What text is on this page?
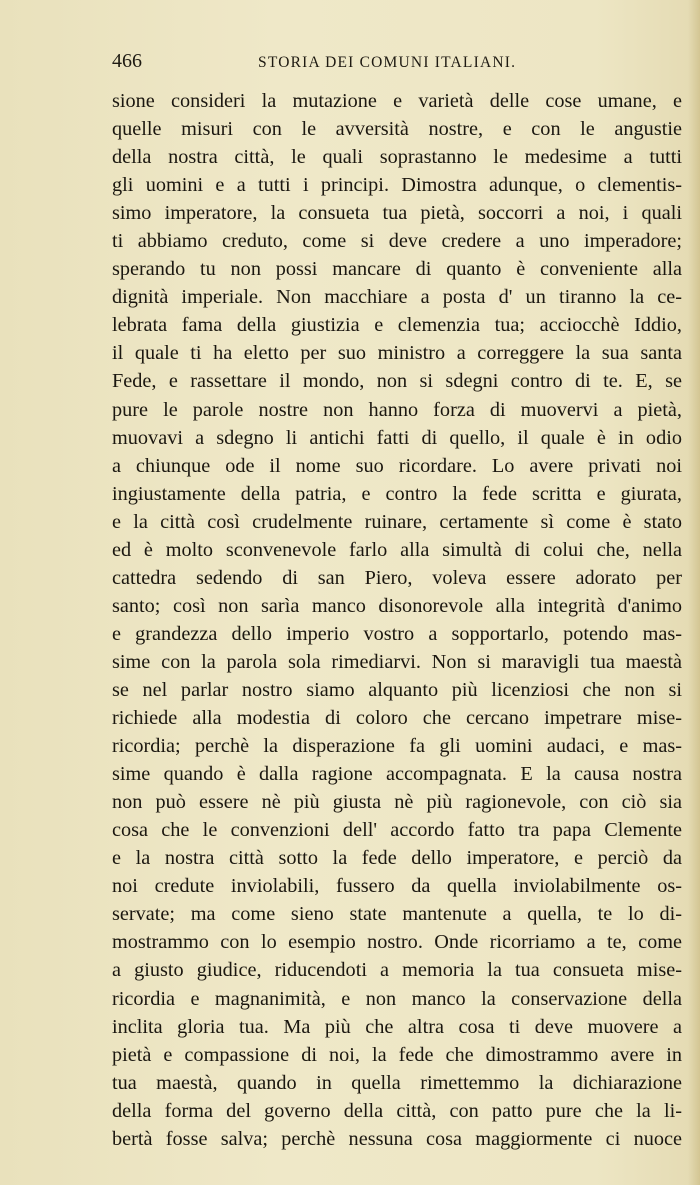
466	STORIA DEI COMUNI ITALIANI.
sione consideri la mutazione e varietà delle cose umane, e
quelle misuri con le avversità nostre, e con le angustie
della nostra città, le quali soprastanno le medesime a tutti
gli uomini e a tutti i principi. Dimostra adunque, o clementis-
simo imperatore, la consueta tua pietà, soccorri a noi, i quali
ti abbiamo creduto, come si deve credere a uno imperadore;
sperando tu non possi mancare di quanto è conveniente alla
dignità imperiale. Non macchiare a posta d' un tiranno la ce-
lebrata fama della giustizia e clemenzia tua; acciocchè Iddio,
il quale ti ha eletto per suo ministro a correggere la sua santa
Fede, e rassettare il mondo, non si sdegni contro di te. E, se
pure le parole nostre non hanno forza di muovervi a pietà,
muovavi a sdegno li antichi fatti di quello, il quale è in odio
a chiunque ode il nome suo ricordare. Lo avere privati noi
ingiustamente della patria, e contro la fede scritta e giurata,
e la città così crudelmente ruinare, certamente sì come è stato
ed è molto sconvenevole farlo alla simultà di colui che, nella
cattedra sedendo di san Piero, voleva essere adorato per
santo; così non sarìa manco disonorevole alla integrità d'animo
e grandezza dello imperio vostro a sopportarlo, potendo mas-
sime con la parola sola rimediarvi. Non si maravigli tua maestà
se nel parlar nostro siamo alquanto più licenziosi che non si
richiede alla modestia di coloro che cercano impetrare mise-
ricordia; perchè la disperazione fa gli uomini audaci, e mas-
sime quando è dalla ragione accompagnata. E la causa nostra
non può essere nè più giusta nè più ragionevole, con ciò sia
cosa che le convenzioni dell' accordo fatto tra papa Clemente
e la nostra città sotto la fede dello imperatore, e perciò da
noi credute inviolabili, fussero da quella inviolabilmente os-
servate; ma come sieno state mantenute a quella, te lo di-
mostrammo con lo esempio nostro. Onde ricorriamo a te, come
a giusto giudice, riducendoti a memoria la tua consueta mise-
ricordia e magnanimità, e non manco la conservazione della
inclita gloria tua. Ma più che altra cosa ti deve muovere a
pietà e compassione di noi, la fede che dimostrammo avere in
tua maestà, quando in quella rimettemmo la dichiarazione
della forma del governo della città, con patto pure che la li-
bertà fosse salva; perchè nessuna cosa maggiormente ci nuoce
